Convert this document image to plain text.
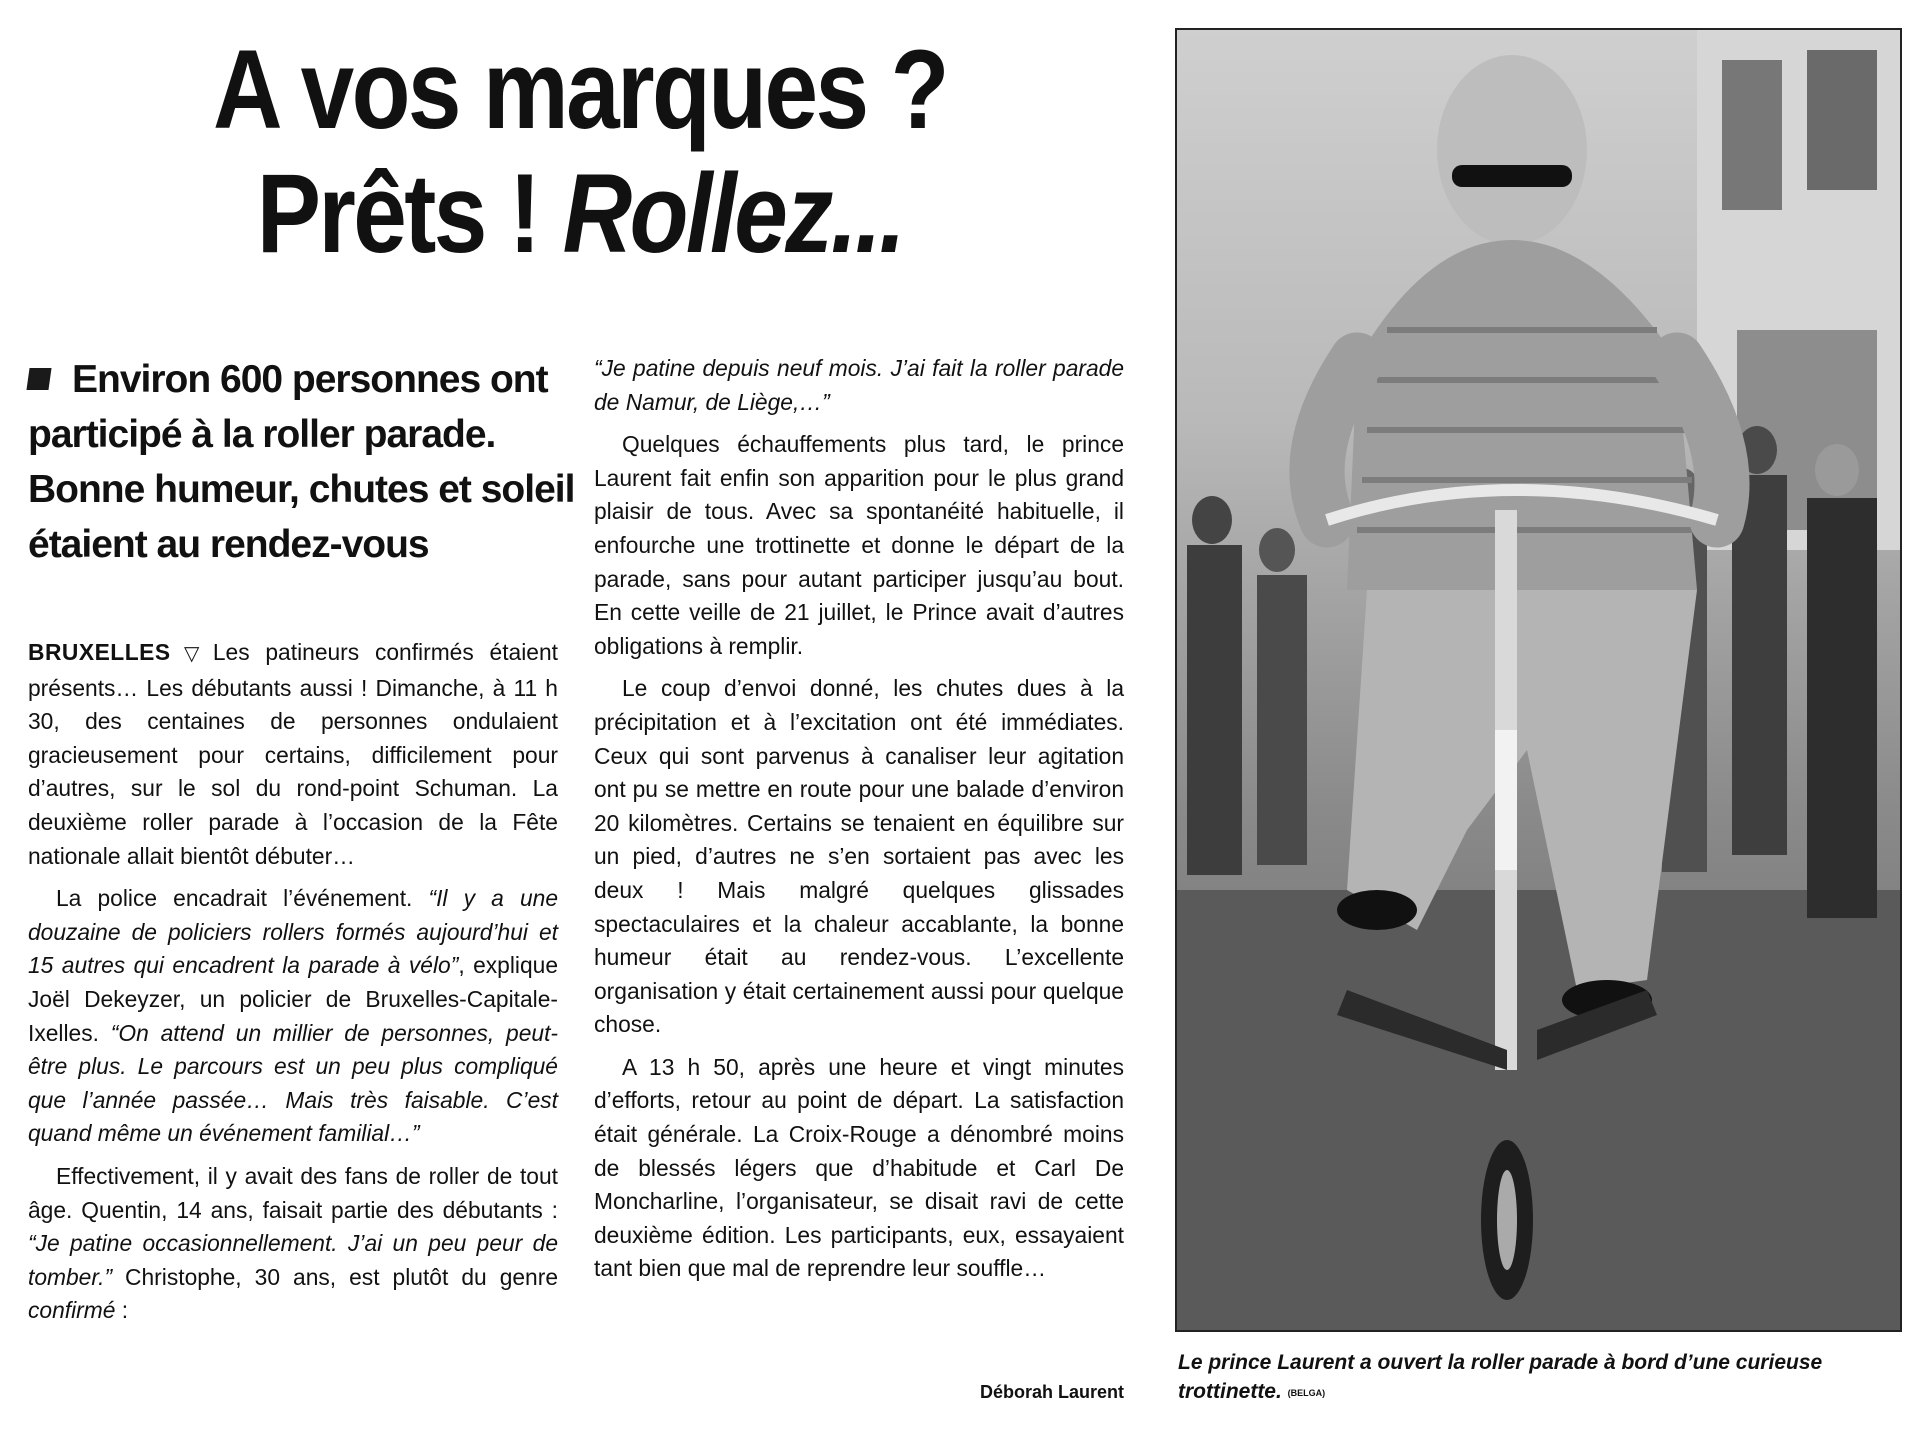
A vos marques ?
Prêts ! Rollez...

Environ 600 personnes ont participé à la roller parade. Bonne humeur, chutes et soleil étaient au rendez-vous

BRUXELLES ▽ Les patineurs confirmés étaient présents… Les débutants aussi ! Dimanche, à 11 h 30, des centaines de personnes ondulaient gracieusement pour certains, difficilement pour d’autres, sur le sol du rond-point Schuman. La deuxième roller parade à l’occasion de la Fête nationale allait bientôt débuter…

La police encadrait l’événement. “Il y a une douzaine de policiers rollers formés aujourd’hui et 15 autres qui encadrent la parade à vélo”, explique Joël Dekeyzer, un policier de Bruxelles-Capitale-Ixelles. “On attend un millier de personnes, peut-être plus. Le parcours est un peu plus compliqué que l’année passée… Mais très faisable. C’est quand même un événement familial…”

Effectivement, il y avait des fans de roller de tout âge. Quentin, 14 ans, faisait partie des débutants : “Je patine occasionnellement. J’ai un peu peur de tomber.” Christophe, 30 ans, est plutôt du genre confirmé :

“Je patine depuis neuf mois. J’ai fait la roller parade de Namur, de Liège,…”

Quelques échauffements plus tard, le prince Laurent fait enfin son apparition pour le plus grand plaisir de tous. Avec sa spontanéité habituelle, il enfourche une trottinette et donne le départ de la parade, sans pour autant participer jusqu’au bout. En cette veille de 21 juillet, le Prince avait d’autres obligations à remplir.

Le coup d’envoi donné, les chutes dues à la précipitation et à l’excitation ont été immédiates. Ceux qui sont parvenus à canaliser leur agitation ont pu se mettre en route pour une balade d’environ 20 kilomètres. Certains se tenaient en équilibre sur un pied, d’autres ne s’en sortaient pas avec les deux ! Mais malgré quelques glissades spectaculaires et la chaleur accablante, la bonne humeur était au rendez-vous. L’excellente organisation y était certainement aussi pour quelque chose.

A 13 h 50, après une heure et vingt minutes d’efforts, retour au point de départ. La satisfaction était générale. La Croix-Rouge a dénombré moins de blessés légers que d’habitude et Carl De Moncharline, l’organisateur, se disait ravi de cette deuxième édition. Les participants, eux, essayaient tant bien que mal de reprendre leur souffle…

Déborah Laurent
Le prince Laurent a ouvert la roller parade à bord d’une curieuse trottinette. (BELGA)
